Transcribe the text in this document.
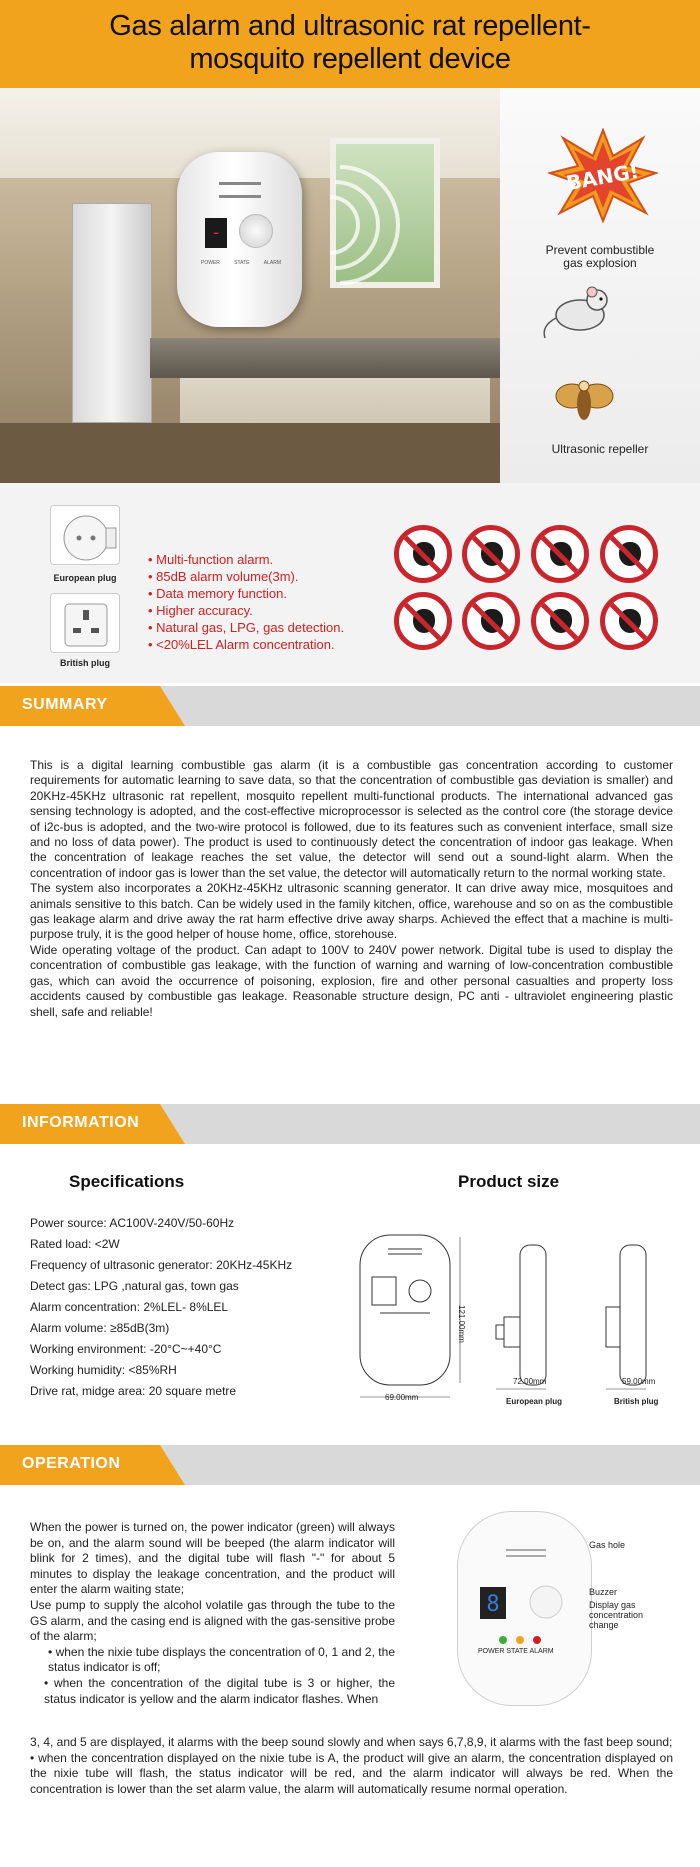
Gas alarm and ultrasonic rat repellent-
mosquito repellent device
-
POWER	STATE	ALARM
BANG!
Prevent combustible
gas explosion
Ultrasonic repeller
European plug
British plug
• Multi-function alarm.
• 85dB alarm volume(3m).
• Data memory function.
• Higher accuracy.
• Natural gas, LPG, gas detection.
• <20%LEL Alarm concentration.
SUMMARY
This is a digital learning combustible gas alarm (it is a combustible gas concentration according to customer requirements for automatic learning to save data, so that the concentration of combustible gas deviation is smaller) and 20KHz-45KHz ultrasonic rat repellent, mosquito repellent multi-functional products. The international advanced gas sensing technology is adopted, and the cost-effective microprocessor is selected as the control core (the storage device of i2c-bus is adopted, and the two-wire protocol is followed, due to its features such as convenient interface, small size and no loss of data power). The product is used to continuously detect the concentration of indoor gas leakage. When the concentration of leakage reaches the set value, the detector will send out a sound-light alarm. When the concentration of indoor gas is lower than the set value, the detector will automatically return to the normal working state.
The system also incorporates a 20KHz-45KHz ultrasonic scanning generator. It can drive away mice, mosquitoes and animals sensitive to this batch. Can be widely used in the family kitchen, office, warehouse and so on as the combustible gas leakage alarm and drive away the rat harm effective drive away sharps. Achieved the effect that a machine is multi-purpose truly, it is the good helper of house home, office, storehouse.
Wide operating voltage of the product. Can adapt to 100V to 240V power network. Digital tube is used to display the concentration of combustible gas leakage, with the function of warning and warning of low-concentration combustible gas, which can avoid the occurrence of poisoning, explosion, fire and other personal casualties and property loss accidents caused by combustible gas leakage. Reasonable structure design, PC anti - ultraviolet engineering plastic shell, safe and reliable!
INFORMATION
Specifications	Product size
Power source: AC100V-240V/50-60Hz
Rated load: <2W
Frequency of ultrasonic generator: 20KHz-45KHz
Detect gas: LPG ,natural gas, town gas
Alarm concentration: 2%LEL- 8%LEL
Alarm volume: ≥85dB(3m)
Working environment: -20°C~+40°C
Working humidity: <85%RH
Drive rat, midge area: 20 square metre
121.00mm
69.00mm
72.00mm	59.00mm
European plug	British plug
OPERATION
When the power is turned on, the power indicator (green) will always be on, and the alarm sound will be beeped (the alarm indicator will blink for 2 times), and the digital tube will flash "-" for about 5 minutes to display the leakage concentration, and the product will enter the alarm waiting state;
Use pump to supply the alcohol volatile gas through the tube to the GS alarm, and the casing end is aligned with the gas-sensitive probe of the alarm;
• when the nixie tube displays the concentration of 0, 1 and 2, the status indicator is off;
• when the concentration of the digital tube is 3 or higher, the status indicator is yellow and the alarm indicator flashes. When
3, 4, and 5 are displayed, it alarms with the beep sound slowly and when says 6,7,8,9, it alarms with the fast beep sound;
• when the concentration displayed on the nixie tube is A, the product will give an alarm, the concentration displayed on the nixie tube will flash, the status indicator will be red, and the alarm indicator will always be red. When the concentration is lower than the set alarm value, the alarm will automatically resume normal operation.
8
POWER STATE ALARM
Gas hole
Buzzer
Display gas concentration change
